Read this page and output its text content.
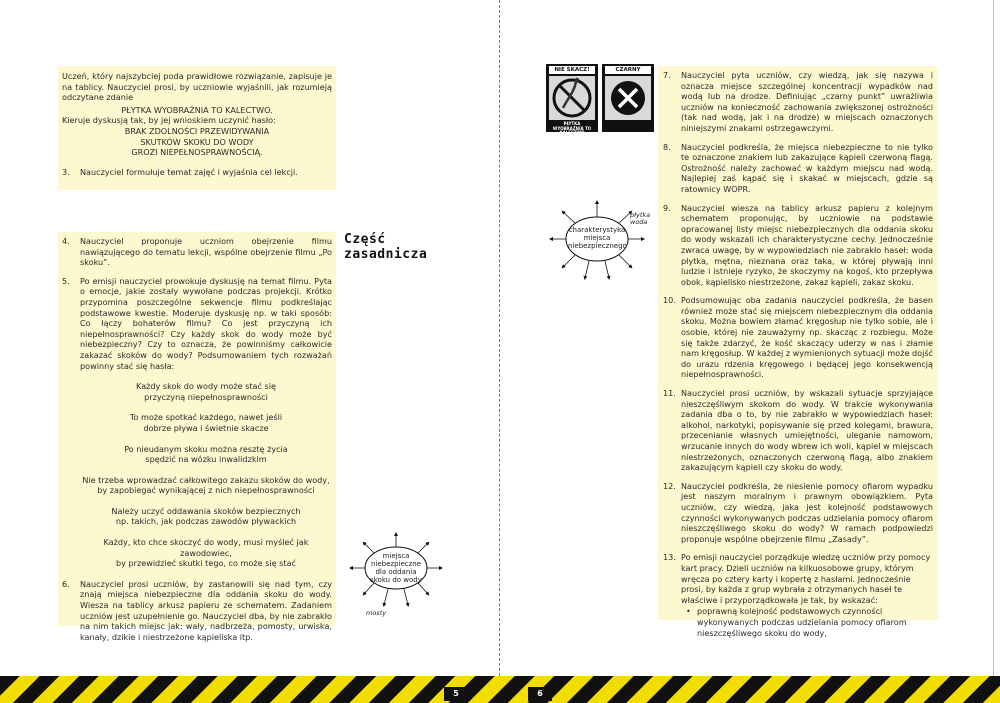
Uczeń, który najszybciej poda prawidłowe rozwiązanie, zapisuje je na tablicy. Nauczyciel prosi, by uczniowie wyjaśnili, jak rozumieją odczytane zdanie

PŁYTKA WYOBRAŹNIA TO KALECTWO.

Kieruje dyskusją tak, by jej wnioskiem uczynić hasło:

BRAK ZDOLNOŚCI PRZEWIDYWANIA

SKUTKÓW SKOKU DO WODY

GROZI NIEPEŁNOSPRAWNOŚCIĄ.

3. Nauczyciel formułuje temat zajęć i wyjaśnia cel lekcji.

Część
zasadnicza
4. Nauczyciel proponuje uczniom obejrzenie filmu nawiązującego do tematu lekcji, wspólne obejrzenie filmu „Po skoku”.

5. Po emisji nauczyciel prowokuje dyskusję na temat filmu. Pyta o emocje, jakie zostały wywołane podczas projekcji. Krótko przypomina poszczególne sekwencje filmu podkreślając podstawowe kwestie. Moderuje dyskusję np. w taki sposób: Co łączy bohaterów filmu? Co jest przyczyną ich niepełnosprawności? Czy każdy skok do wody może być niebezpieczny? Czy to oznacza, że powinniśmy całkowicie zakazać skoków do wody? Podsumowaniem tych rozważań powinny stać się hasła:

Każdy skok do wody może stać się
przyczyną niepełnosprawności
To może spotkać każdego, nawet jeśli
dobrze pływa i świetnie skacze
Po nieudanym skoku można resztę życia
spędzić na wózku inwalidzkim
Nie trzeba wprowadzać całkowitego zakazu skoków do wody,
by zapobiegać wynikającej z nich niepełnosprawności
Należy uczyć oddawania skoków bezpiecznych
np. takich, jak podczas zawodów pływackich
Każdy, kto chce skoczyć do wody, musi myśleć jak zawodowiec,
by przewidzieć skutki tego, co może się stać
6. Nauczyciel prosi uczniów, by zastanowili się nad tym, czy znają miejsca niebezpieczne dla oddania skoku do wody. Wiesza na tablicy arkusz papieru ze schematem. Zadaniem uczniów jest uzupełnienie go. Nauczyciel dba, by nie zabrakło na nim takich miejsc jak: wały, nadbrzeża, pomosty, urwiska, kanały, dzikie i niestrzeżone kąpieliska itp.

miejsca niebezpieczne dla oddania skoku do wody
mosty
NIE SKACZ!
PŁYTKA WYOBRAŹNIA TO KALECTWO
CZARNY
charakterystyka miejsca niebezpiecznego
płytka woda
7. Nauczyciel pyta uczniów, czy wiedzą, jak się nazywa i oznacza miejsce szczególnej koncentracji wypadków nad wodą lub na drodze. Definiując „czarny punkt” uwrażliwia uczniów na konieczność zachowania zwiększonej ostrożności (tak nad wodą, jak i na drodze) w miejscach oznaczonych niniejszymi znakami ostrzegawczymi.

8. Nauczyciel podkreśla, że miejsca niebezpieczne to nie tylko te oznaczone znakiem lub zakazujące kąpieli czerwoną flagą. Ostrożność należy zachować w każdym miejscu nad wodą. Najlepiej zaś kąpać się i skakać w miejscach, gdzie są ratownicy WOPR.

9. Nauczyciel wiesza na tablicy arkusz papieru z kolejnym schematem proponując, by uczniowie na podstawie opracowanej listy miejsc niebezpiecznych dla oddania skoku do wody wskazali ich charakterystyczne cechy. Jednocześnie zwraca uwagę, by w wypowiedziach nie zabrakło haseł: woda płytka, mętna, nieznana oraz taka, w której pływają inni ludzie i istnieje ryzyko, że skoczymy na kogoś, kto przepływa obok, kąpielisko niestrzeżone, zakaz kąpieli, zakaz skoku.

10. Podsumowując oba zadania nauczyciel podkreśla, że basen również może stać się miejscem niebezpiecznym dla oddania skoku. Można bowiem złamać kręgosłup nie tylko sobie, ale i osobie, której nie zauważymy np. skacząc z rozbiegu. Może się także zdarzyć, że kość skaczący uderzy w nas i złamie nam kręgosłup. W każdej z wymienionych sytuacji może dojść do urazu rdzenia kręgowego i będącej jego konsekwencją niepełnosprawności.

11. Nauczyciel prosi uczniów, by wskazali sytuacje sprzyjające nieszczęśliwym skokom do wody. W trakcie wykonywania zadania dba o to, by nie zabrakło w wypowiedziach haseł: alkohol, narkotyki, popisywanie się przed kolegami, brawura, przecenianie własnych umiejętności, uleganie namowom, wrzucanie innych do wody wbrew ich woli, kąpiel w miejscach niestrzeżonych, oznaczonych czerwoną flagą, albo znakiem zakazującym kąpieli czy skoku do wody.

12. Nauczyciel podkreśla, że niesienie pomocy ofiarom wypadku jest naszym moralnym i prawnym obowiązkiem. Pyta uczniów, czy wiedzą, jaka jest kolejność podstawowych czynności wykonywanych podczas udzielania pomocy ofiarom nieszczęśliwego skoku do wody? W ramach podpowiedzi proponuje wspólne obejrzenie filmu „Zasady”.

13. Po emisji nauczyciel porządkuje wiedzę uczniów przy pomocy kart pracy. Dzieli uczniów na kilkuosobowe grupy, którym wręcza po cztery karty i kopertę z hasłami. Jednocześnie prosi, by każda z grup wybrała z otrzymanych haseł te właściwe i przyporządkowała je tak, by wskazać:

• poprawną kolejność podstawowych czynności wykonywanych podczas udzielania pomocy ofiarom nieszczęśliwego skoku do wody,

5	6
